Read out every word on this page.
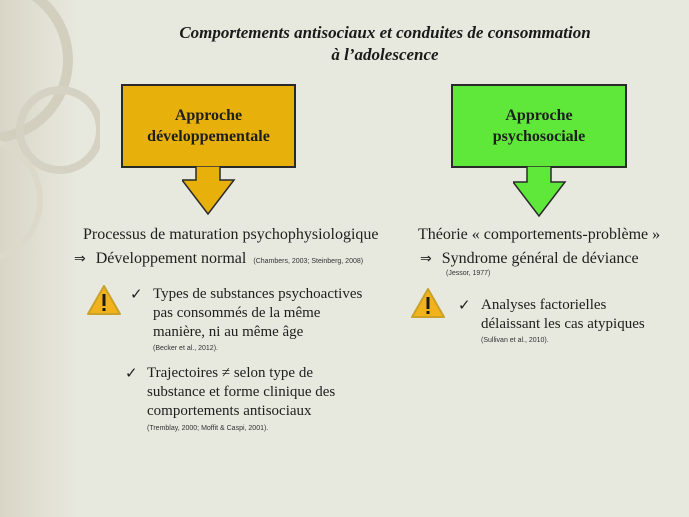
Comportements antisociaux et conduites de consommation
à l’adolescence
Approche
développementale
Approche
psychosociale
Processus de maturation psychophysiologique
⇒ Développement normal (Chambers, 2003; Steinberg, 2008)
✓ Types de substances psychoactives
pas consommés de la même
manière, ni au même âge
(Becker et al., 2012).
✓ Trajectoires ≠ selon type de
substance et forme clinique des
comportements antisociaux
(Tremblay, 2000; Moffit & Caspi, 2001).
Théorie « comportements-problème »
⇒ Syndrome général de déviance
(Jessor, 1977)
✓ Analyses factorielles
délaissant les cas atypiques
(Sullivan et al., 2010).
